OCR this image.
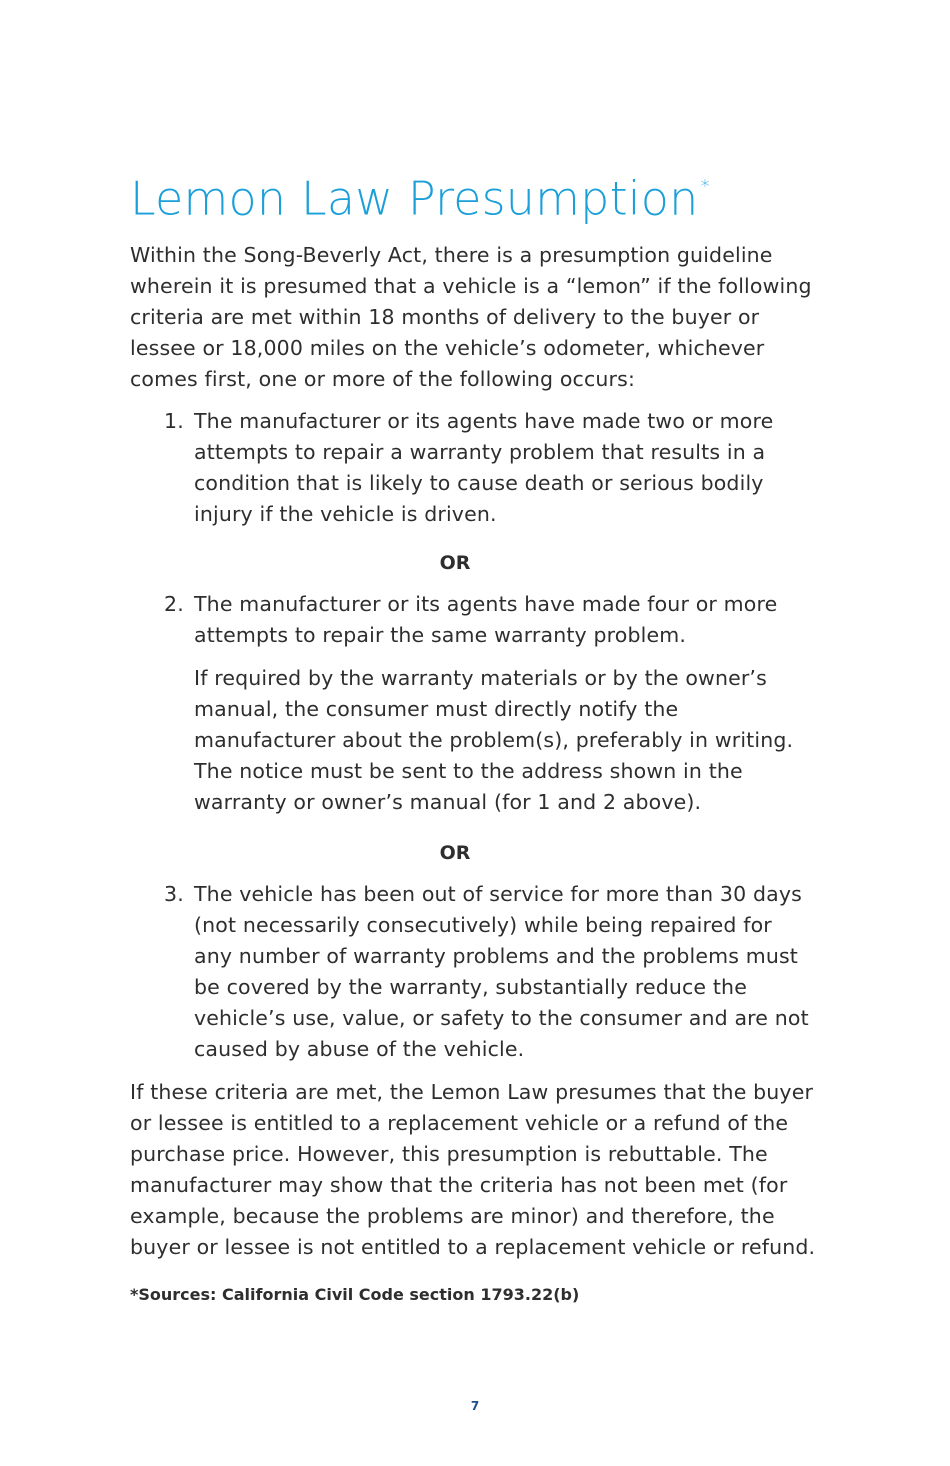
Lemon Law Presumption *

Within the Song-Beverly Act, there is a presumption guideline wherein it is presumed that a vehicle is a “lemon” if the following criteria are met within 18 months of delivery to the buyer or lessee or 18,000 miles on the vehicle’s odometer, whichever comes first, one or more of the following occurs:

1. The manufacturer or its agents have made two or more attempts to repair a warranty problem that results in a condition that is likely to cause death or serious bodily injury if the vehicle is driven.

OR
2. The manufacturer or its agents have made four or more attempts to repair the same warranty problem.

If required by the warranty materials or by the owner’s manual, the consumer must directly notify the manufacturer about the problem(s), preferably in writing. The notice must be sent to the address shown in the warranty or owner’s manual (for 1 and 2 above).

OR
3. The vehicle has been out of service for more than 30 days (not necessarily consecutively) while being repaired for any number of warranty problems and the problems must be covered by the warranty, substantially reduce the vehicle’s use, value, or safety to the consumer and are not caused by abuse of the vehicle.

If these criteria are met, the Lemon Law presumes that the buyer or lessee is entitled to a replacement vehicle or a refund of the purchase price. However, this presumption is rebuttable. The manufacturer may show that the criteria has not been met (for example, because the problems are minor) and therefore, the buyer or lessee is not entitled to a replacement vehicle or refund.

*Sources: California Civil Code section 1793.22(b)
7
